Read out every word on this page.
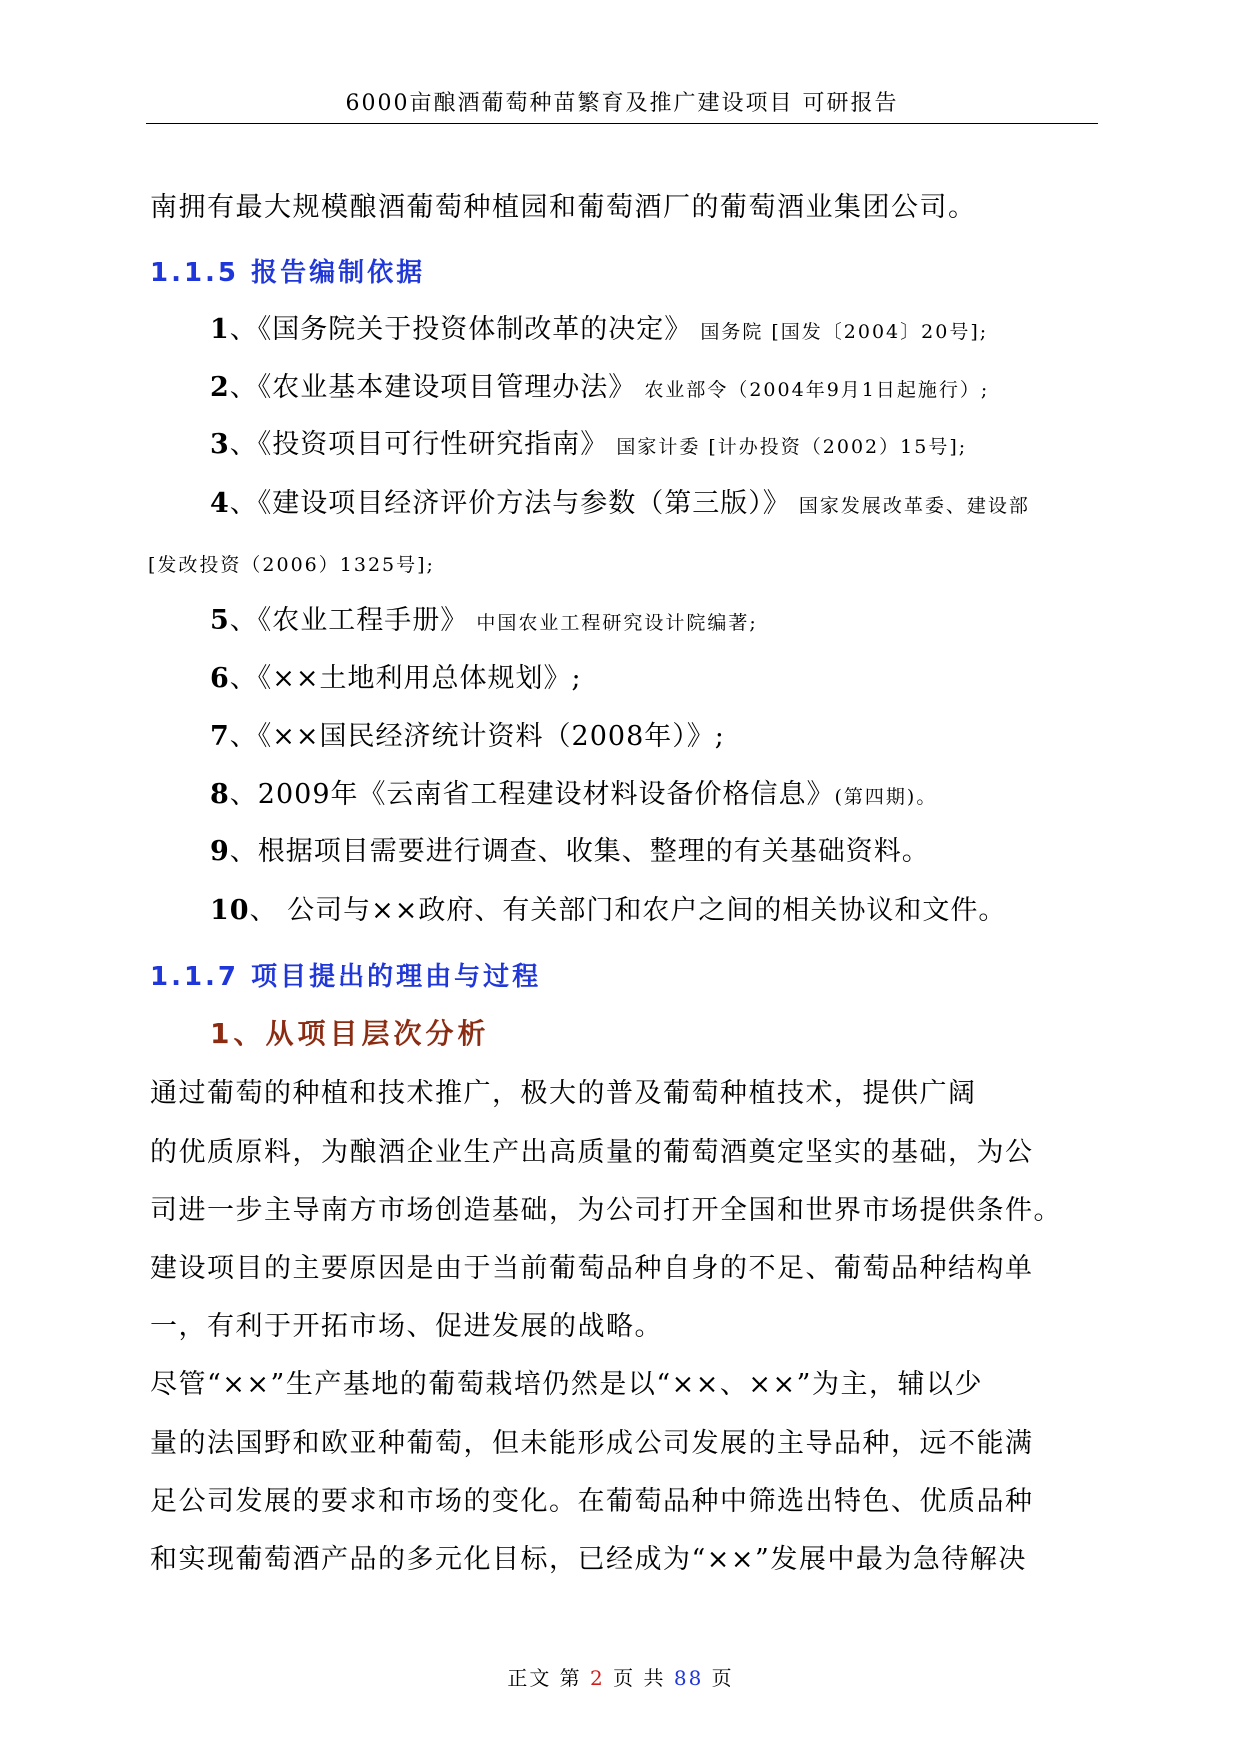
6000亩酿酒葡萄种苗繁育及推广建设项目 可研报告
南拥有最大规模酿酒葡萄种植园和葡萄酒厂的葡萄酒业集团公司。
1.1.5 报告编制依据
1、《国务院关于投资体制改革的决定》 国务院 [国发〔2004〕20号];
2、《农业基本建设项目管理办法》 农业部令（2004年9月1日起施行）;
3、《投资项目可行性研究指南》 国家计委 [计办投资（2002）15号];
4、《建设项目经济评价方法与参数（第三版）》 国家发展改革委、建设部
[发改投资（2006）1325号];
5、《农业工程手册》 中国农业工程研究设计院编著;
6、《××土地利用总体规划》;
7、《××国民经济统计资料（2008年）》;
8、2009年《云南省工程建设材料设备价格信息》(第四期)。
9、根据项目需要进行调查、收集、整理的有关基础资料。
10、 公司与××政府、有关部门和农户之间的相关协议和文件。
1.1.7 项目提出的理由与过程
1、从项目层次分析
通过葡萄的种植和技术推广，极大的普及葡萄种植技术，提供广阔
的优质原料，为酿酒企业生产出高质量的葡萄酒奠定坚实的基础，为公
司进一步主导南方市场创造基础，为公司打开全国和世界市场提供条件。
建设项目的主要原因是由于当前葡萄品种自身的不足、葡萄品种结构单
一，有利于开拓市场、促进发展的战略。
尽管“××”生产基地的葡萄栽培仍然是以“××、××”为主，辅以少
量的法国野和欧亚种葡萄，但未能形成公司发展的主导品种，远不能满
足公司发展的要求和市场的变化。在葡萄品种中筛选出特色、优质品种
和实现葡萄酒产品的多元化目标，已经成为“××”发展中最为急待解决
正文 第 2 页 共 88 页
